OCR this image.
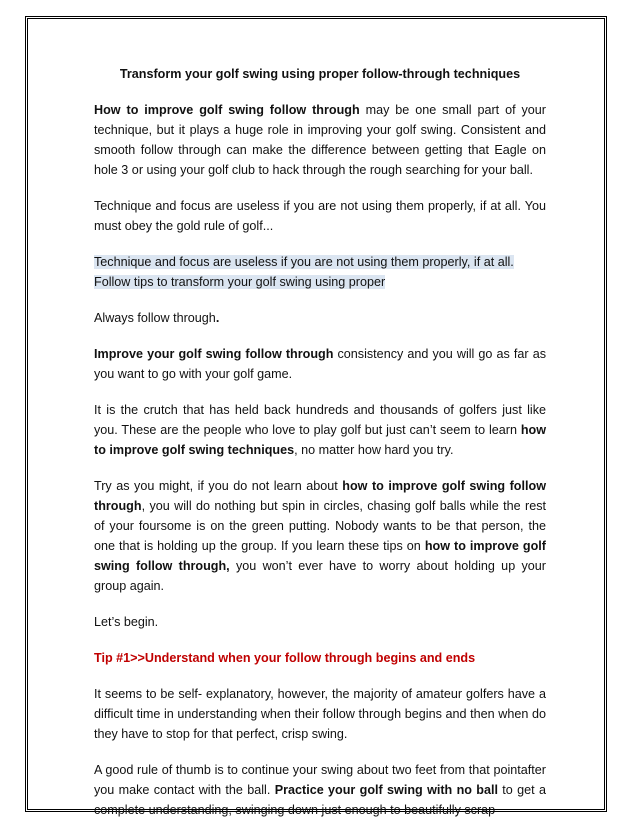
Transform your golf swing using proper follow-through techniques

How to improve golf swing follow through may be one small part of your technique, but it plays a huge role in improving your golf swing. Consistent and smooth follow through can make the difference between getting that Eagle on hole 3 or using your golf club to hack through the rough searching for your ball.

Technique and focus are useless if you are not using them properly, if at all. You must obey the gold rule of golf...

Technique and focus are useless if you are not using them properly, if at all.
Follow tips to transform your golf swing using proper

Always follow through.

Improve your golf swing follow through consistency and you will go as far as you want to go with your golf game.

It is the crutch that has held back hundreds and thousands of golfers just like you. These are the people who love to play golf but just can’t seem to learn how to improve golf swing techniques, no matter how hard you try.

Try as you might, if you do not learn about how to improve golf swing follow through, you will do nothing but spin in circles, chasing golf balls while the rest of your foursome is on the green putting. Nobody wants to be that person, the one that is holding up the group. If you learn these tips on how to improve golf swing follow through, you won’t ever have to worry about holding up your group again.

Let’s begin.

Tip #1>>Understand when your follow through begins and ends

It seems to be self- explanatory, however, the majority of amateur golfers have a difficult time in understanding when their follow through begins and then when do they have to stop for that perfect, crisp swing.

A good rule of thumb is to continue your swing about two feet from that pointafter you make contact with the ball. Practice your golf swing with no ball to get a complete understanding, swinging down just enough to beautifully scrap
